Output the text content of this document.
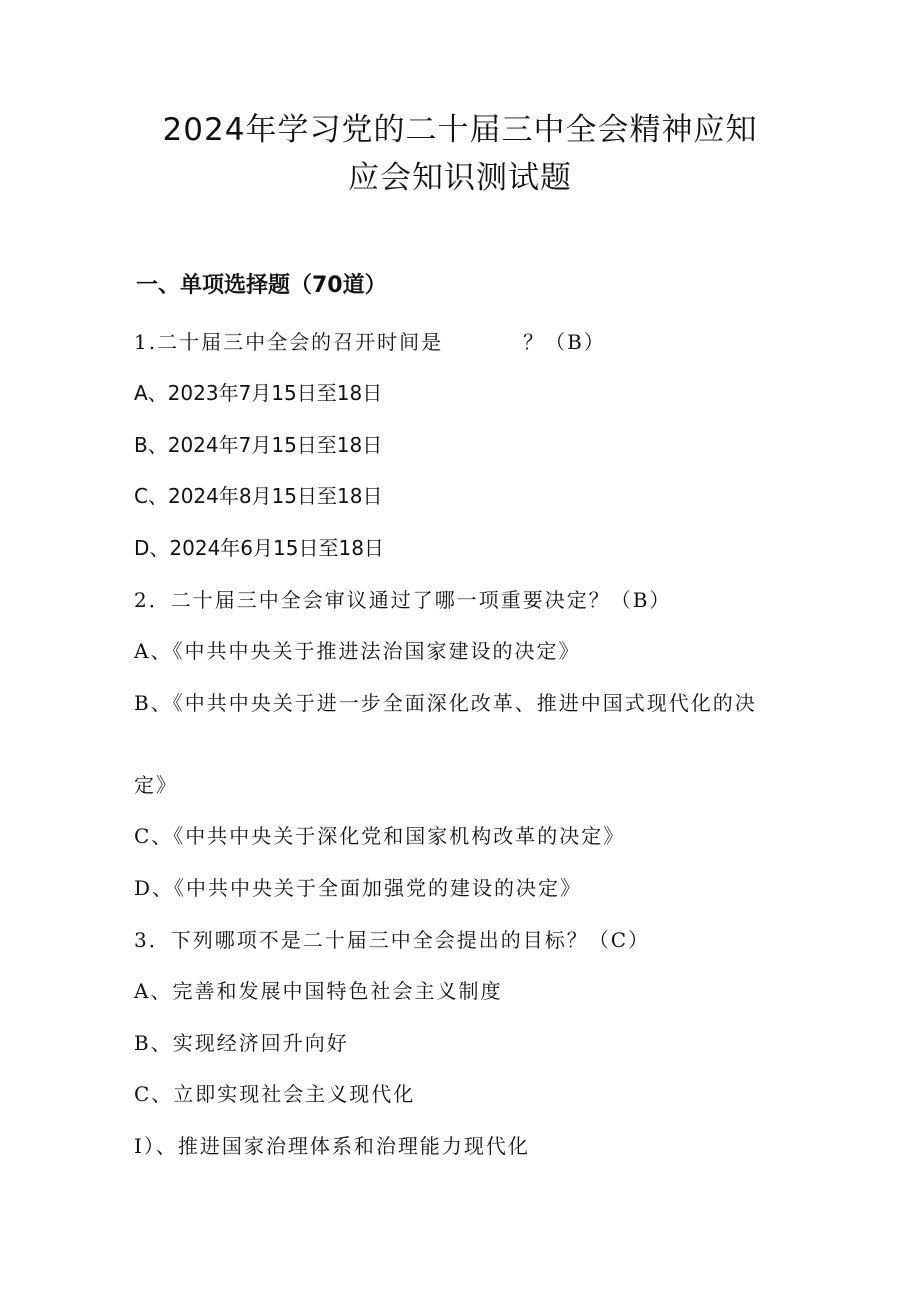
2024年学习党的二十届三中全会精神应知
应会知识测试题
一、单项选择题（70道）

1.二十届三中全会的召开时间是	？（B）

A、2023年7月15日至18日

B、2024年7月15日至18日

C、2024年8月15日至18日

D、2024年6月15日至18日

2．二十届三中全会审议通过了哪一项重要决定？（B）

A、《中共中央关于推进法治国家建设的决定》

B、《中共中央关于进一步全面深化改革、推进中国式现代化的决

定》

C、《中共中央关于深化党和国家机构改革的决定》

D、《中共中央关于全面加强党的建设的决定》

3．下列哪项不是二十届三中全会提出的目标？（C）

A、完善和发展中国特色社会主义制度

B、实现经济回升向好

C、立即实现社会主义现代化

I）、推进国家治理体系和治理能力现代化
